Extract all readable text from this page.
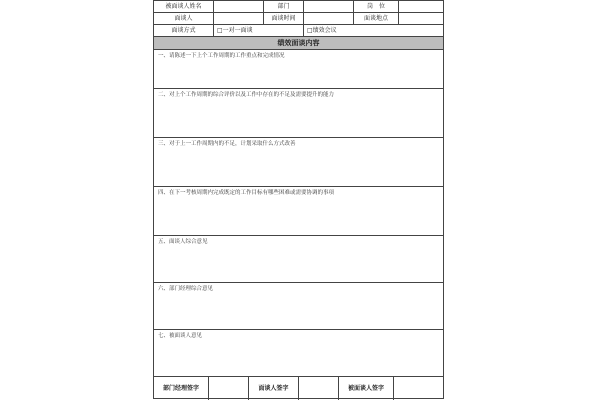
被面谈人姓名	部门	岗　位
面谈人	面谈时间	面谈地点
面谈方式	□一对一面谈	□绩效会议
绩效面谈内容
一、请陈述一下上个工作周期的工作重点和完成情况
二、对上个工作周期的综合评价以及工作中存在的不足及需要提升的能力
三、对于上一工作周期内的不足，计划采取什么方式改善
四、在下一考核周期内完成既定的工作目标有哪些困难或需要协调的事项
五、面谈人综合意见
六、部门经理综合意见
七、被面谈人意见
部门经理签字	面谈人签字	被面谈人签字
